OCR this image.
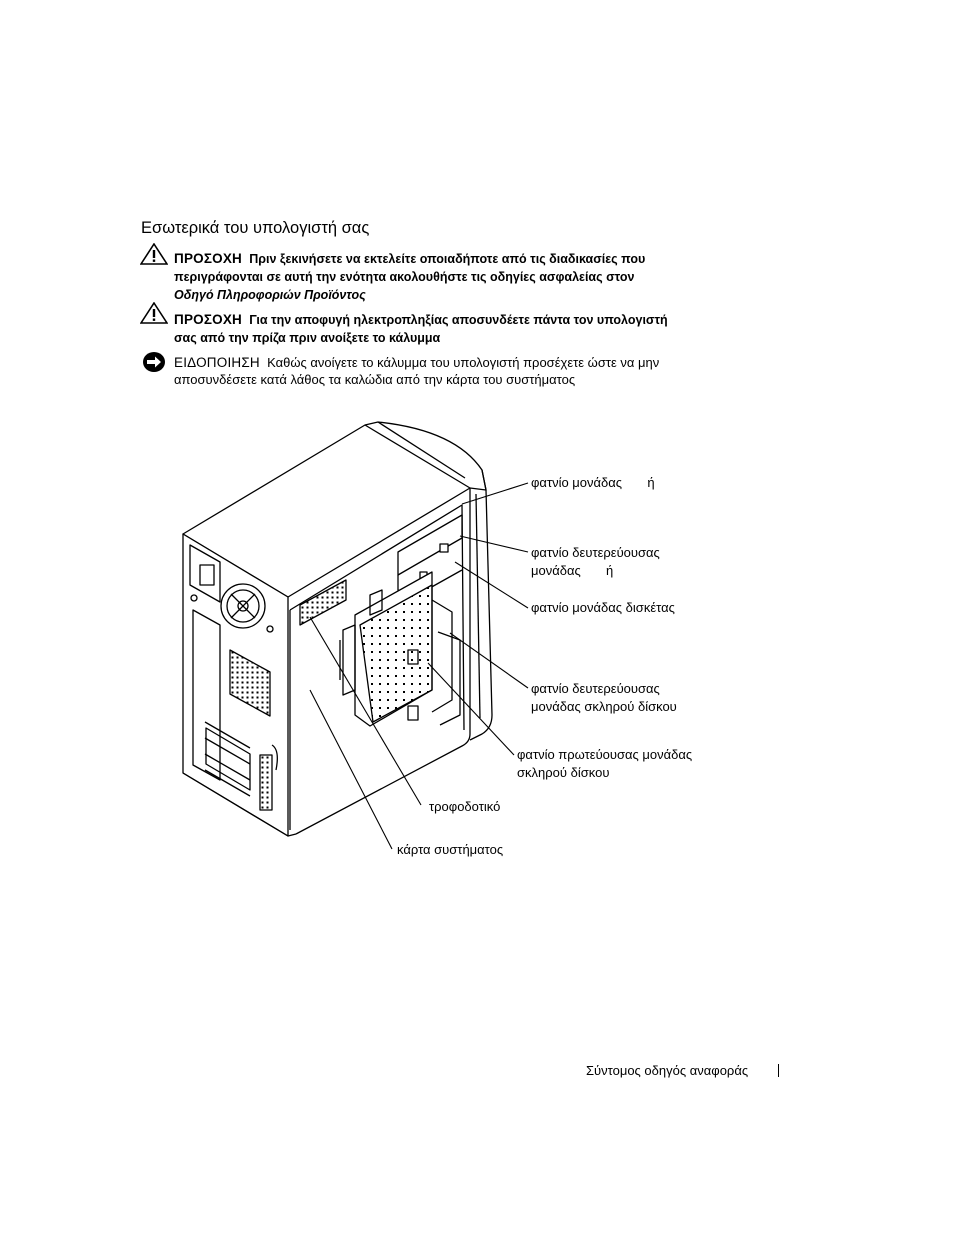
Εσωτερικά του υπολογιστή σας
ΠΡΟΣΟΧΗ Πριν ξεκινήσετε να εκτελείτε οποιαδήποτε από τις διαδικασίες που
περιγράφονται σε αυτή την ενότητα ακολουθήστε τις οδηγίες ασφαλείας στον
Οδηγό Πληροφοριών Προϊόντος
ΠΡΟΣΟΧΗ Για την αποφυγή ηλεκτροπληξίας αποσυνδέετε πάντα τον υπολογιστή
σας από την πρίζα πριν ανοίξετε το κάλυμμα
ΕΙΔΟΠΟΙΗΣΗ Καθώς ανοίγετε το κάλυμμα του υπολογιστή προσέχετε ώστε να μην
αποσυνδέσετε κατά λάθος τα καλώδια από την κάρτα του συστήματος
φατνίο μονάδας       ή
φατνίο δευτερεύουσας
μονάδας       ή
φατνίο μονάδας δισκέτας
φατνίο δευτερεύουσας
μονάδας σκληρού δίσκου
φατνίο πρωτεύουσας μονάδας
σκληρού δίσκου
τροφοδοτικό
κάρτα συστήματος
Σύντομος οδηγός αναφοράς
